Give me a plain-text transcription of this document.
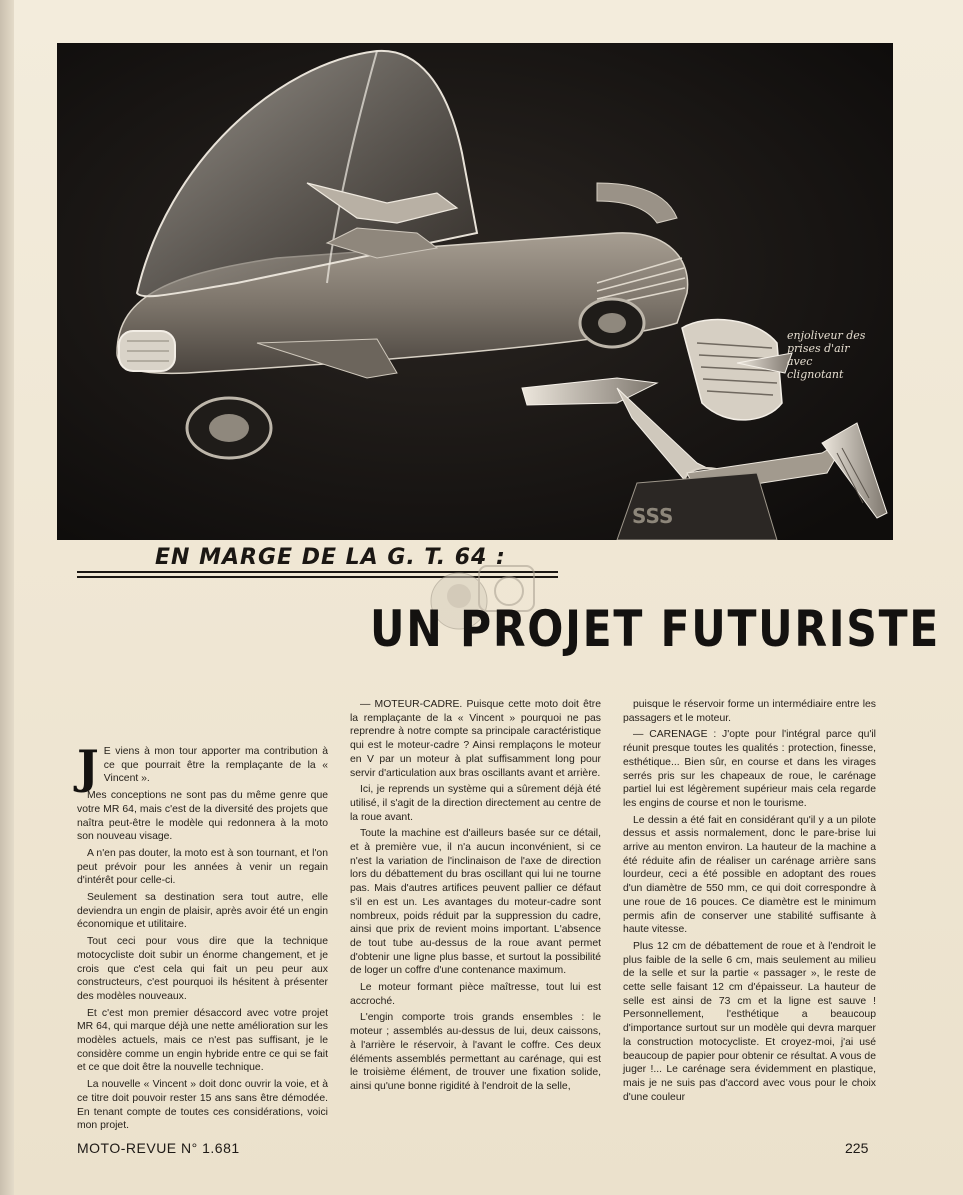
SSS
enjoliveur des
prises d'air
avec
clignotant
EN MARGE DE LA G. T. 64 :
UN PROJET FUTURISTE
J E viens à mon tour apporter ma contribution à ce que pourrait être la remplaçante de la « Vincent ».

Mes conceptions ne sont pas du même genre que votre MR 64, mais c'est de la diversité des projets que naîtra peut-être le modèle qui redonnera à la moto son nouveau visage.

A n'en pas douter, la moto est à son tournant, et l'on peut prévoir pour les années à venir un regain d'intérêt pour celle-ci.

Seulement sa destination sera tout autre, elle deviendra un engin de plaisir, après avoir été un engin économique et utilitaire.

Tout ceci pour vous dire que la technique motocycliste doit subir un énorme changement, et je crois que c'est cela qui fait un peu peur aux constructeurs, c'est pourquoi ils hésitent à présenter des modèles nouveaux.

Et c'est mon premier désaccord avec votre projet MR 64, qui marque déjà une nette amélioration sur les modèles actuels, mais ce n'est pas suffisant, je le considère comme un engin hybride entre ce qui se fait et ce que doit être la nouvelle technique.

La nouvelle « Vincent » doit donc ouvrir la voie, et à ce titre doit pouvoir rester 15 ans sans être démodée. En tenant compte de toutes ces considérations, voici mon projet.

— MOTEUR-CADRE. Puisque cette moto doit être la remplaçante de la « Vincent » pourquoi ne pas reprendre à notre compte sa principale caractéristique qui est le moteur-cadre ? Ainsi remplaçons le moteur en V par un moteur à plat suffisamment long pour servir d'articulation aux bras oscillants avant et arrière.

Ici, je reprends un système qui a sûrement déjà été utilisé, il s'agit de la direction directement au centre de la roue avant.

Toute la machine est d'ailleurs basée sur ce détail, et à première vue, il n'a aucun inconvénient, si ce n'est la variation de l'inclinaison de l'axe de direction lors du débattement du bras oscillant qui lui ne tourne pas. Mais d'autres artifices peuvent pallier ce défaut s'il en est un. Les avantages du moteur-cadre sont nombreux, poids réduit par la suppression du cadre, ainsi que prix de revient moins important. L'absence de tout tube au-dessus de la roue avant permet d'obtenir une ligne plus basse, et surtout la possibilité de loger un coffre d'une contenance maximum.

Le moteur formant pièce maîtresse, tout lui est accroché.

L'engin comporte trois grands ensembles : le moteur ; assemblés au-dessus de lui, deux caissons, à l'arrière le réservoir, à l'avant le coffre. Ces deux éléments assemblés permettant au carénage, qui est le troisième élément, de trouver une fixation solide, ainsi qu'une bonne rigidité à l'endroit de la selle,

puisque le réservoir forme un intermédiaire entre les passagers et le moteur.

— CARENAGE : J'opte pour l'intégral parce qu'il réunit presque toutes les qualités : protection, finesse, esthétique... Bien sûr, en course et dans les virages serrés pris sur les chapeaux de roue, le carénage partiel lui est légèrement supérieur mais cela regarde les engins de course et non le tourisme.

Le dessin a été fait en considérant qu'il y a un pilote dessus et assis normalement, donc le pare-brise lui arrive au menton environ. La hauteur de la machine a été réduite afin de réaliser un carénage arrière sans lourdeur, ceci a été possible en adoptant des roues d'un diamètre de 550 mm, ce qui doit correspondre à une roue de 16 pouces. Ce diamètre est le minimum permis afin de conserver une stabilité suffisante à haute vitesse.

Plus 12 cm de débattement de roue et à l'endroit le plus faible de la selle 6 cm, mais seulement au milieu de la selle et sur la partie « passager », le reste de cette selle faisant 12 cm d'épaisseur. La hauteur de selle est ainsi de 73 cm et la ligne est sauve ! Personnellement, l'esthétique a beaucoup d'importance surtout sur un modèle qui devra marquer la construction motocycliste. Et croyez-moi, j'ai usé beaucoup de papier pour obtenir ce résultat. A vous de juger !... Le carénage sera évidemment en plastique, mais je ne suis pas d'accord avec vous pour le choix d'une couleur

MOTO-REVUE N° 1.681	225
